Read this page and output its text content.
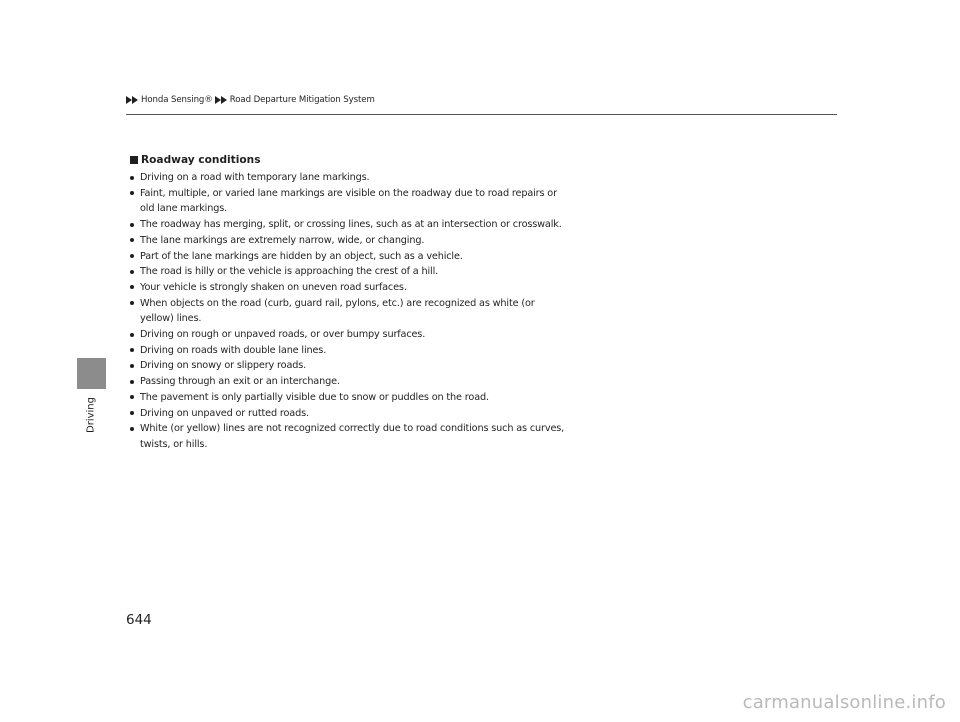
Honda Sensing® Road Departure Mitigation System
Driving
Roadway conditions
Driving on a road with temporary lane markings.
Faint, multiple, or varied lane markings are visible on the roadway due to road repairs or old lane markings.
The roadway has merging, split, or crossing lines, such as at an intersection or crosswalk.
The lane markings are extremely narrow, wide, or changing.
Part of the lane markings are hidden by an object, such as a vehicle.
The road is hilly or the vehicle is approaching the crest of a hill.
Your vehicle is strongly shaken on uneven road surfaces.
When objects on the road (curb, guard rail, pylons, etc.) are recognized as white (or yellow) lines.
Driving on rough or unpaved roads, or over bumpy surfaces.
Driving on roads with double lane lines.
Driving on snowy or slippery roads.
Passing through an exit or an interchange.
The pavement is only partially visible due to snow or puddles on the road.
Driving on unpaved or rutted roads.
White (or yellow) lines are not recognized correctly due to road conditions such as curves, twists, or hills.
644
carmanualsonline.info
